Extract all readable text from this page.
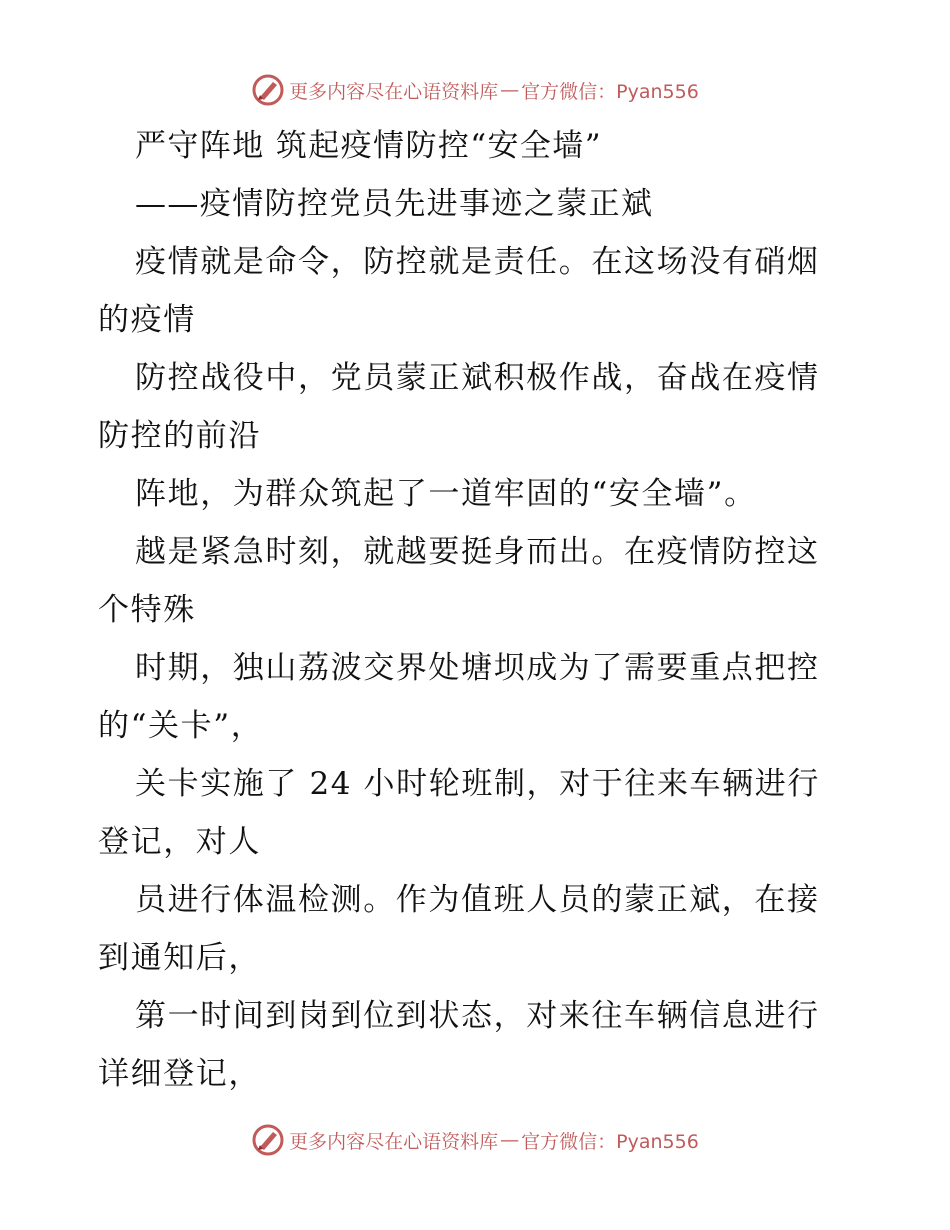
更多内容尽在心语资料库 — 官方微信：Pyan556
严守阵地 筑起疫情防控“安全墙”
——疫情防控党员先进事迹之蒙正斌
疫情就是命令，防控就是责任。在这场没有硝烟
的疫情
防控战役中，党员蒙正斌积极作战，奋战在疫情
防控的前沿
阵地，为群众筑起了一道牢固的“安全墙”。
越是紧急时刻，就越要挺身而出。在疫情防控这
个特殊
时期，独山荔波交界处塘坝成为了需要重点把控
的“关卡”，
关卡实施了 24 小时轮班制，对于往来车辆进行
登记，对人
员进行体温检测。作为值班人员的蒙正斌，在接
到通知后，
第一时间到岗到位到状态，对来往车辆信息进行
详细登记，
更多内容尽在心语资料库 — 官方微信：Pyan556
